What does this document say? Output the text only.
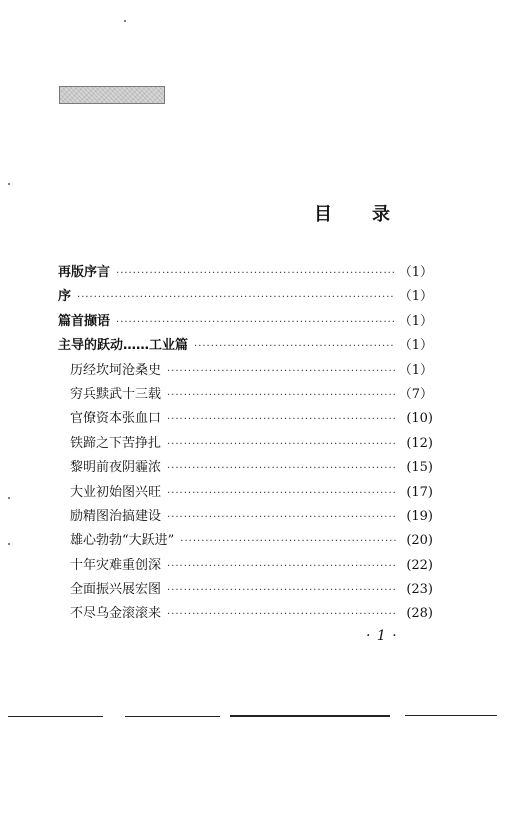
目 录
再版序言 ·····	（1）
序 ·····	（1）
篇首撷语 ·····	（1）
主导的跃动……工业篇 ·····	（1）
历经坎坷沧桑史 ·····	（1）
穷兵黩武十三载 ·····	（7）
官僚资本张血口 ·····	(10)
铁蹄之下苦挣扎 ·····	(12)
黎明前夜阴霾浓 ·····	(15)
大业初始图兴旺 ·····	(17)
励精图治搞建设 ·····	(19)
雄心勃勃“大跃进” ·····	(20)
十年灾难重创深 ·····	(22)
全面振兴展宏图 ·····	(23)
不尽乌金滚滚来 ·····	(28)
· 1 ·
